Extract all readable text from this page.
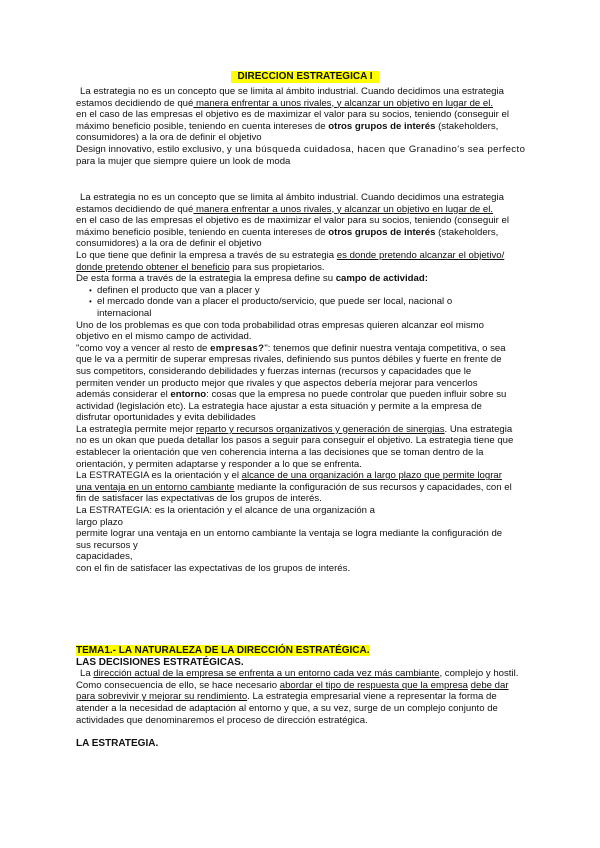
DIRECCION ESTRATEGICA I

La estrategia no es un concepto que se limita al ámbito industrial. Cuando decidimos una estrategia

estamos decidiendo de qué manera enfrentar a unos rivales, y alcanzar un objetivo en lugar de el.

en el caso de las empresas el objetivo es de maximizar el valor para su socios, teniendo (conseguir el

máximo beneficio posible, teniendo en cuenta intereses de otros grupos de interés (stakeholders,

consumidores) a la ora de definir el objetivo

Design innovativo, estilo exclusivo, y una búsqueda cuidadosa, hacen que Granadino's sea perfecto

para la mujer que siempre quiere un look de moda

La estrategia no es un concepto que se limita al ámbito industrial. Cuando decidimos una estrategia

estamos decidiendo de qué manera enfrentar a unos rivales, y alcanzar un objetivo en lugar de el.

en el caso de las empresas el objetivo es de maximizar el valor para su socios, teniendo (conseguir el

máximo beneficio posible, teniendo en cuenta intereses de otros grupos de interés (stakeholders,

consumidores) a la ora de definir el objetivo

Lo que tiene que definir la empresa a través de su estrategia es donde pretendo alcanzar el objetivo/

donde pretendo obtener el beneficio para sus propietarios.

De esta forma a través de la estrategia la empresa define su campo de actividad:

• definen el producto que van a placer y
• el mercado donde van a placer el producto/servicio, que puede ser local, nacional o
internacional

Uno de los problemas es que con toda probabilidad otras empresas quieren alcanzar eol mismo

objetivo en el mismo campo de actividad.

"como voy a vencer al resto de empresas?": tenemos que definir nuestra ventaja competitiva, o sea

que le va a permitir de superar empresas rivales, definiendo sus puntos débiles y fuerte en frente de

sus competitors, considerando debilidades y fuerzas internas (recursos y capacidades que le

permiten vender un producto mejor que rivales y que aspectos debería mejorar para vencerlos

además considerar el entorno: cosas que la empresa no puede controlar que pueden influir sobre su

actividad (legislación etc). La estrategia hace ajustar a esta situación y permite a la empresa de

disfrutar oportunidades y evita debilidades

La estrategìa permite mejor reparto y recursos organizativos y generación de sinergias. Una estrategia

no es un okan que pueda detallar los pasos a seguir para conseguir el objetivo. La estrategia tiene que

establecer la orientación que ven coherencia interna a las decisiones que se toman dentro de la

orientación, y permiten adaptarse y responder a lo que se enfrenta.

La ESTRATEGIA es la orientación y el alcance de una organización a largo plazo que permite lograr

una ventaja en un entorno cambiante mediante la configuración de sus recursos y capacidades, con el

fin de satisfacer las expectativas de los grupos de interés.

La ESTRATEGIA: es la orientación y el alcance de una organización a

largo plazo

permite lograr una ventaja en un entorno cambiante la ventaja se logra mediante la configuración de

sus recursos y

capacidades,

con el fin de satisfacer las expectativas de los grupos de interés.

TEMA1.- LA NATURALEZA DE LA DIRECCIÓN ESTRATÉGICA.

LAS DECISIONES ESTRATÉGICAS.

La dirección actual de la empresa se enfrenta a un entorno cada vez más cambiante, complejo y hostil.

Como consecuencia de ello, se hace necesario abordar el tipo de respuesta que la empresa debe dar

para sobrevivir y mejorar su rendimiento. La estrategia empresarial viene a representar la forma de

atender a la necesidad de adaptación al entorno y que, a su vez, surge de un complejo conjunto de

actividades que denominaremos el proceso de dirección estratégica.

LA ESTRATEGIA.
